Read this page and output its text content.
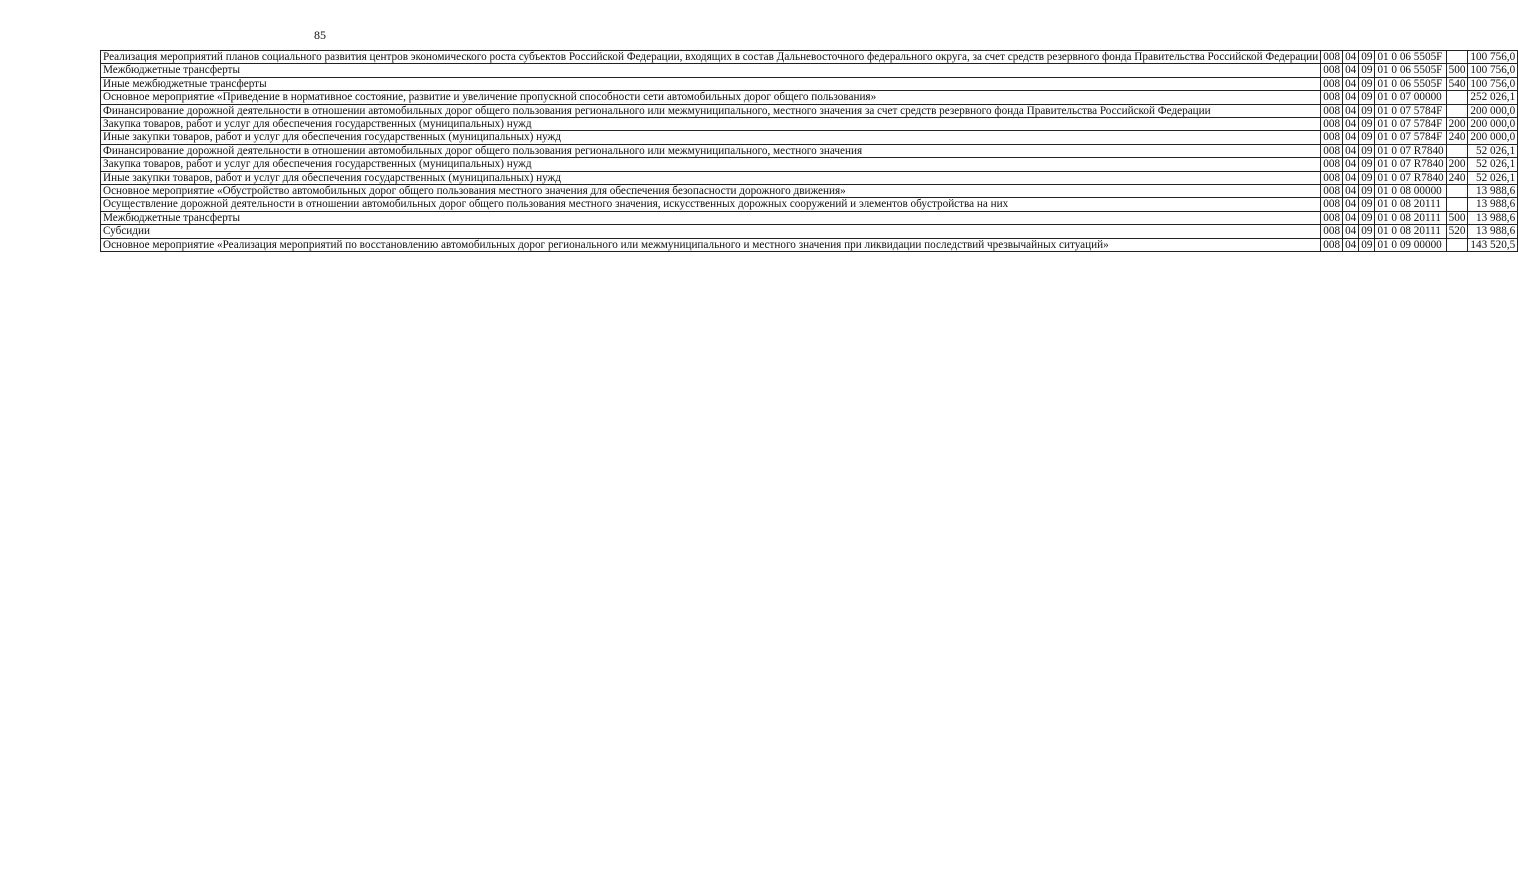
85
Реализация мероприятий планов социального развития центров экономического роста субъектов Российской Федерации, входящих в состав Дальневосточного федерального округа, за счет средств резервного фонда Правительства Российской Федерации	008	04	09	01 0 06 5505F		100 756,0
Межбюджетные трансферты	008	04	09	01 0 06 5505F	500	100 756,0
Иные межбюджетные трансферты	008	04	09	01 0 06 5505F	540	100 756,0
Основное мероприятие «Приведение в нормативное состояние, развитие и увеличение пропускной способности сети автомобильных дорог общего пользования»	008	04	09	01 0 07 00000		252 026,1
Финансирование дорожной деятельности в отношении автомобильных дорог общего пользования регионального или межмуниципального, местного значения за счет средств резервного фонда Правительства Российской Федерации	008	04	09	01 0 07 5784F		200 000,0
Закупка товаров, работ и услуг для обеспечения государственных (муниципальных) нужд	008	04	09	01 0 07 5784F	200	200 000,0
Иные закупки товаров, работ и услуг для обеспечения государственных (муниципальных) нужд	008	04	09	01 0 07 5784F	240	200 000,0
Финансирование дорожной деятельности в отношении автомобильных дорог общего пользования регионального или межмуниципального, местного значения	008	04	09	01 0 07 R7840		52 026,1
Закупка товаров, работ и услуг для обеспечения государственных (муниципальных) нужд	008	04	09	01 0 07 R7840	200	52 026,1
Иные закупки товаров, работ и услуг для обеспечения государственных (муниципальных) нужд	008	04	09	01 0 07 R7840	240	52 026,1
Основное мероприятие «Обустройство автомобильных дорог общего пользования местного значения для обеспечения безопасности дорожного движения»	008	04	09	01 0 08 00000		13 988,6
Осуществление дорожной деятельности в отношении автомобильных дорог общего пользования местного значения, искусственных дорожных сооружений и элементов обустройства на них	008	04	09	01 0 08 20111		13 988,6
Межбюджетные трансферты	008	04	09	01 0 08 20111	500	13 988,6
Субсидии	008	04	09	01 0 08 20111	520	13 988,6
Основное мероприятие «Реализация мероприятий по восстановлению автомобильных дорог регионального или межмуниципального и местного значения при ликвидации последствий чрезвычайных ситуаций»	008	04	09	01 0 09 00000		143 520,5
